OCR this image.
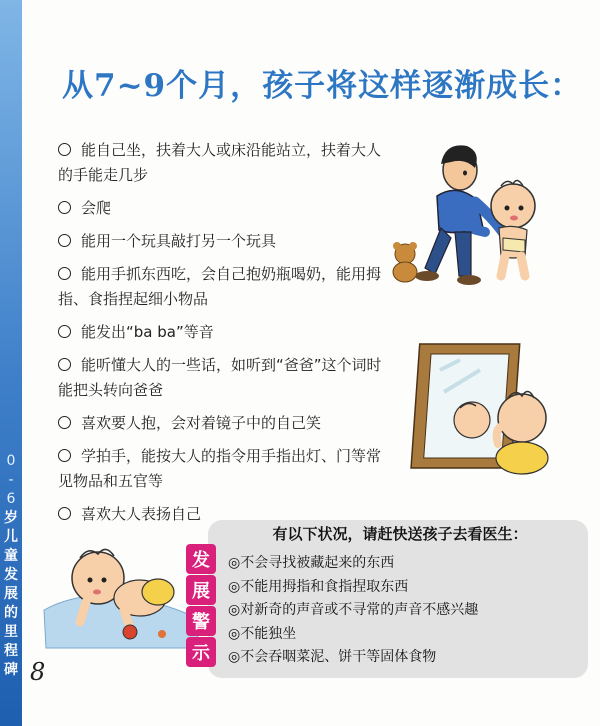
0
-
6
岁
儿
童
发
展
的
里
程
碑
从7~9个月，孩子将这样逐渐成长：
能自己坐，扶着大人或床沿能站立，扶着大人的手能走几步
会爬
能用一个玩具敲打另一个玩具
能用手抓东西吃，会自己抱奶瓶喝奶，能用拇指、食指捏起细小物品
能发出“ba ba”等音
能听懂大人的一些话，如听到“爸爸”这个词时能把头转向爸爸
喜欢要人抱，会对着镜子中的自己笑
学拍手，能按大人的指令用手指出灯、门等常见物品和五官等
喜欢大人表扬自己
8
有以下状况，请赶快送孩子去看医生：
发
展
警
示
◎不会寻找被藏起来的东西
◎不能用拇指和食指捏取东西
◎对新奇的声音或不寻常的声音不感兴趣
◎不能独坐
◎不会吞咽菜泥、饼干等固体食物
